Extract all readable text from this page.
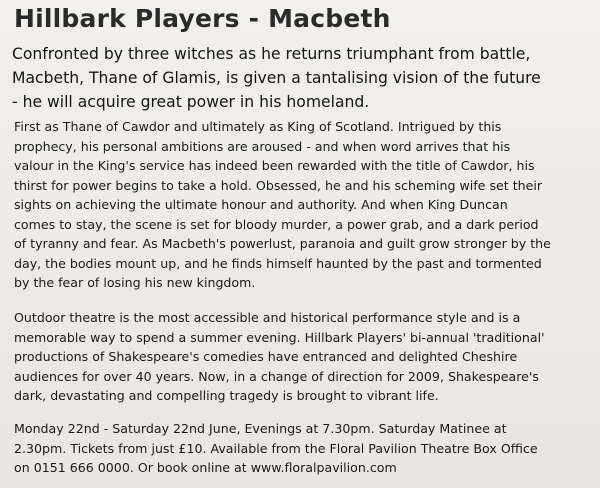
Hillbark Players - Macbeth
Confronted by three witches as he returns triumphant from battle,
Macbeth, Thane of Glamis, is given a tantalising vision of the future
- he will acquire great power in his homeland.
First as Thane of Cawdor and ultimately as King of Scotland. Intrigued by this
prophecy, his personal ambitions are aroused - and when word arrives that his
valour in the King's service has indeed been rewarded with the title of Cawdor, his
thirst for power begins to take a hold. Obsessed, he and his scheming wife set their
sights on achieving the ultimate honour and authority. And when King Duncan
comes to stay, the scene is set for bloody murder, a power grab, and a dark period
of tyranny and fear. As Macbeth's powerlust, paranoia and guilt grow stronger by the
day, the bodies mount up, and he finds himself haunted by the past and tormented
by the fear of losing his new kingdom.
Outdoor theatre is the most accessible and historical performance style and is a
memorable way to spend a summer evening. Hillbark Players' bi-annual 'traditional'
productions of Shakespeare's comedies have entranced and delighted Cheshire
audiences for over 40 years. Now, in a change of direction for 2009, Shakespeare's
dark, devastating and compelling tragedy is brought to vibrant life.
Monday 22nd - Saturday 22nd June, Evenings at 7.30pm. Saturday Matinee at
2.30pm. Tickets from just £10. Available from the Floral Pavilion Theatre Box Office
on 0151 666 0000. Or book online at www.floralpavilion.com
